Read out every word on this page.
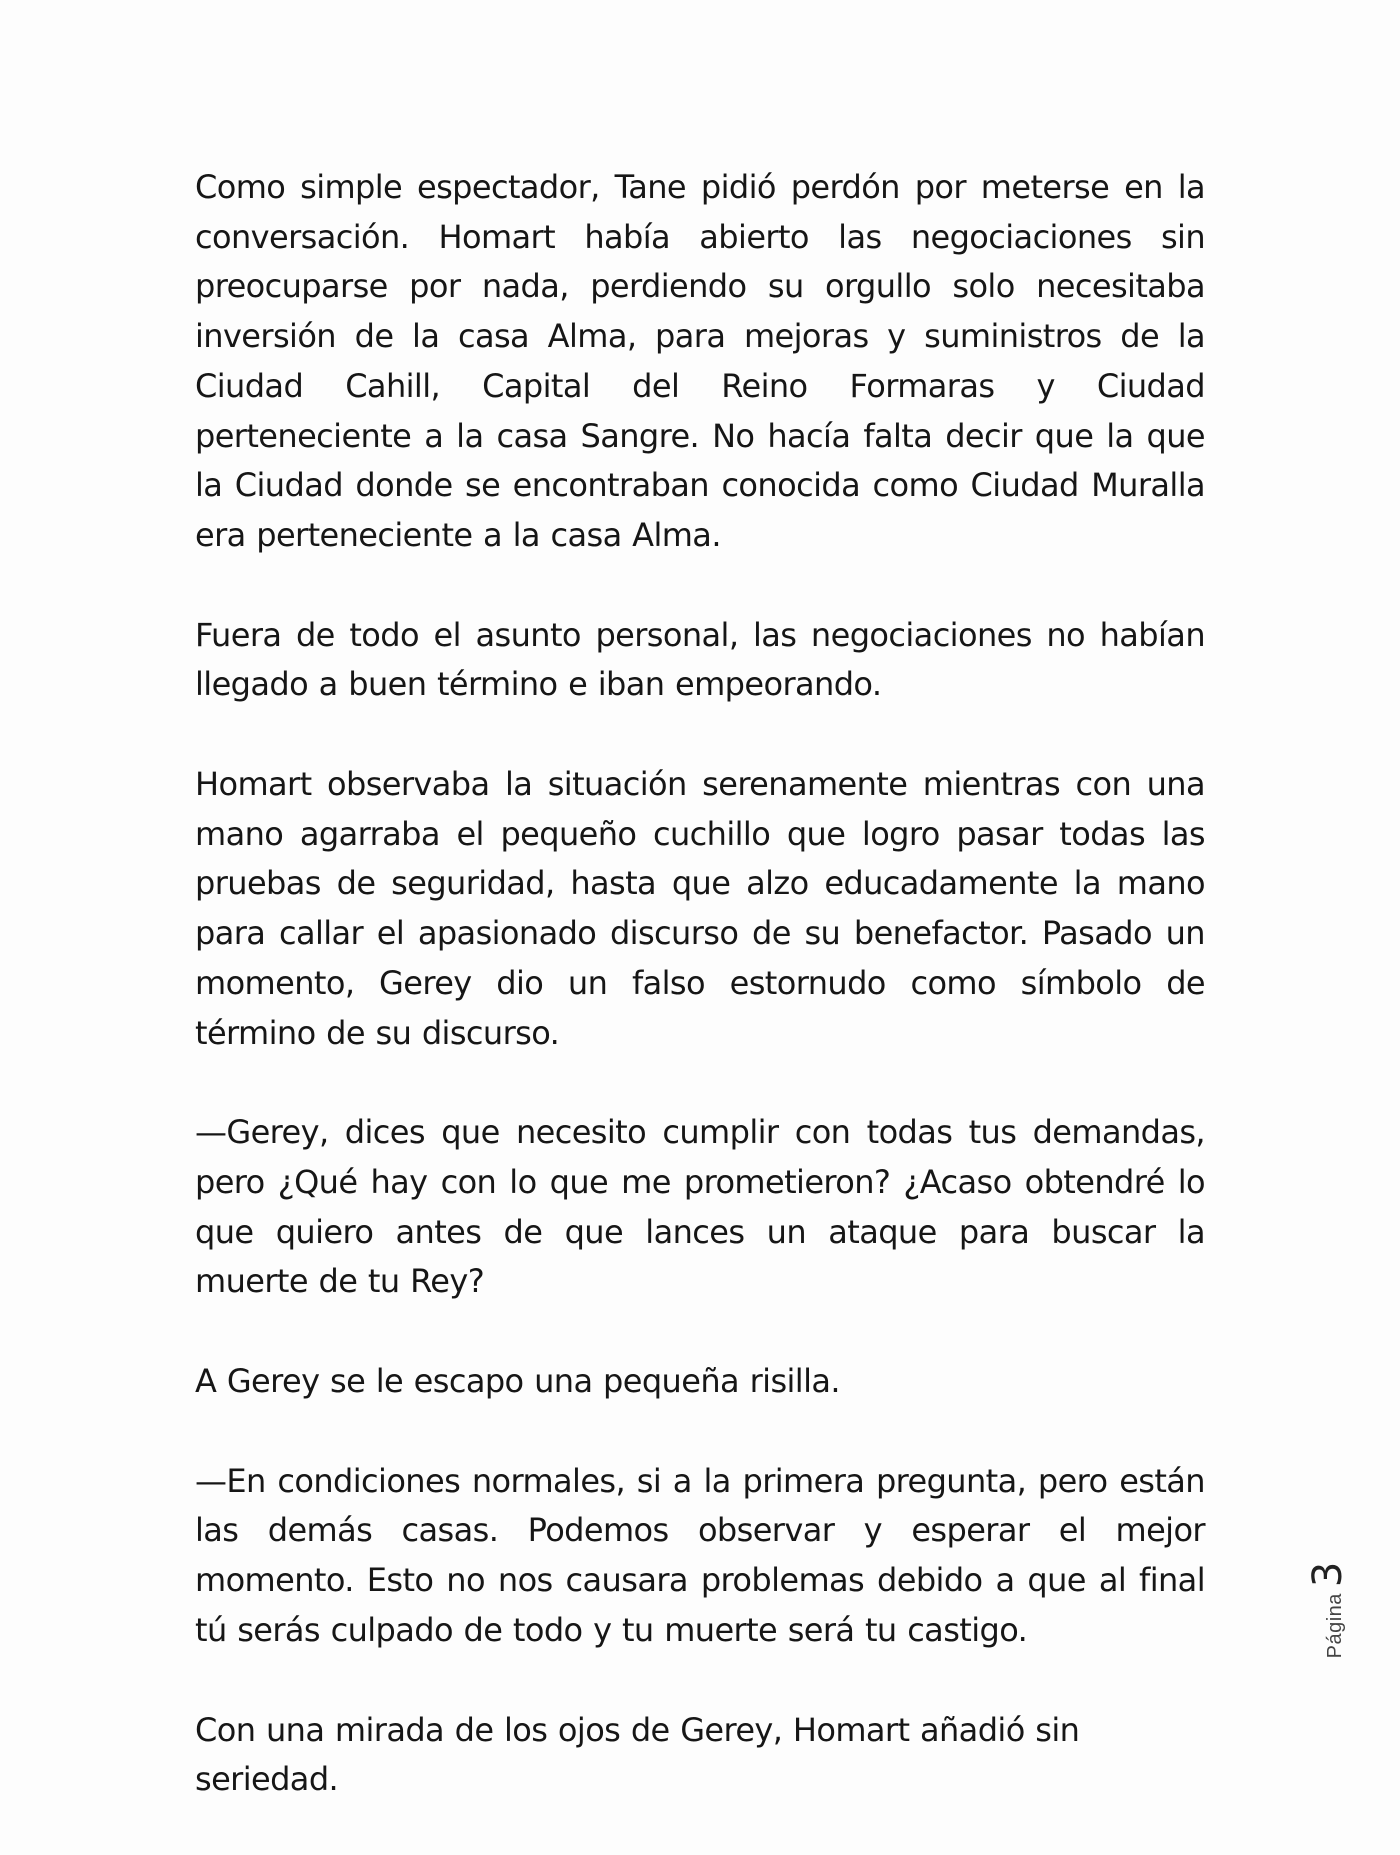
Como simple espectador, Tane pidió perdón por meterse en la conversación. Homart había abierto las negociaciones sin preocuparse por nada, perdiendo su orgullo solo necesitaba inversión de la casa Alma, para mejoras y suministros de la Ciudad Cahill, Capital del Reino Formaras y Ciudad perteneciente a la casa Sangre. No hacía falta decir que la que la Ciudad donde se encontraban conocida como Ciudad Muralla era perteneciente a la casa Alma.

Fuera de todo el asunto personal, las negociaciones no habían llegado a buen término e iban empeorando.

Homart observaba la situación serenamente mientras con una mano agarraba el pequeño cuchillo que logro pasar todas las pruebas de seguridad, hasta que alzo educadamente la mano para callar el apasionado discurso de su benefactor. Pasado un momento, Gerey dio un falso estornudo como símbolo de término de su discurso.

—Gerey, dices que necesito cumplir con todas tus demandas, pero ¿Qué hay con lo que me prometieron? ¿Acaso obtendré lo que quiero antes de que lances un ataque para buscar la muerte de tu Rey?

A Gerey se le escapo una pequeña risilla.

—En condiciones normales, si a la primera pregunta, pero están las demás casas. Podemos observar y esperar el mejor momento. Esto no nos causara problemas debido a que al final tú serás culpado de todo y tu muerte será tu castigo.

Con una mirada de los ojos de Gerey, Homart añadió sin seriedad.

Página
3
